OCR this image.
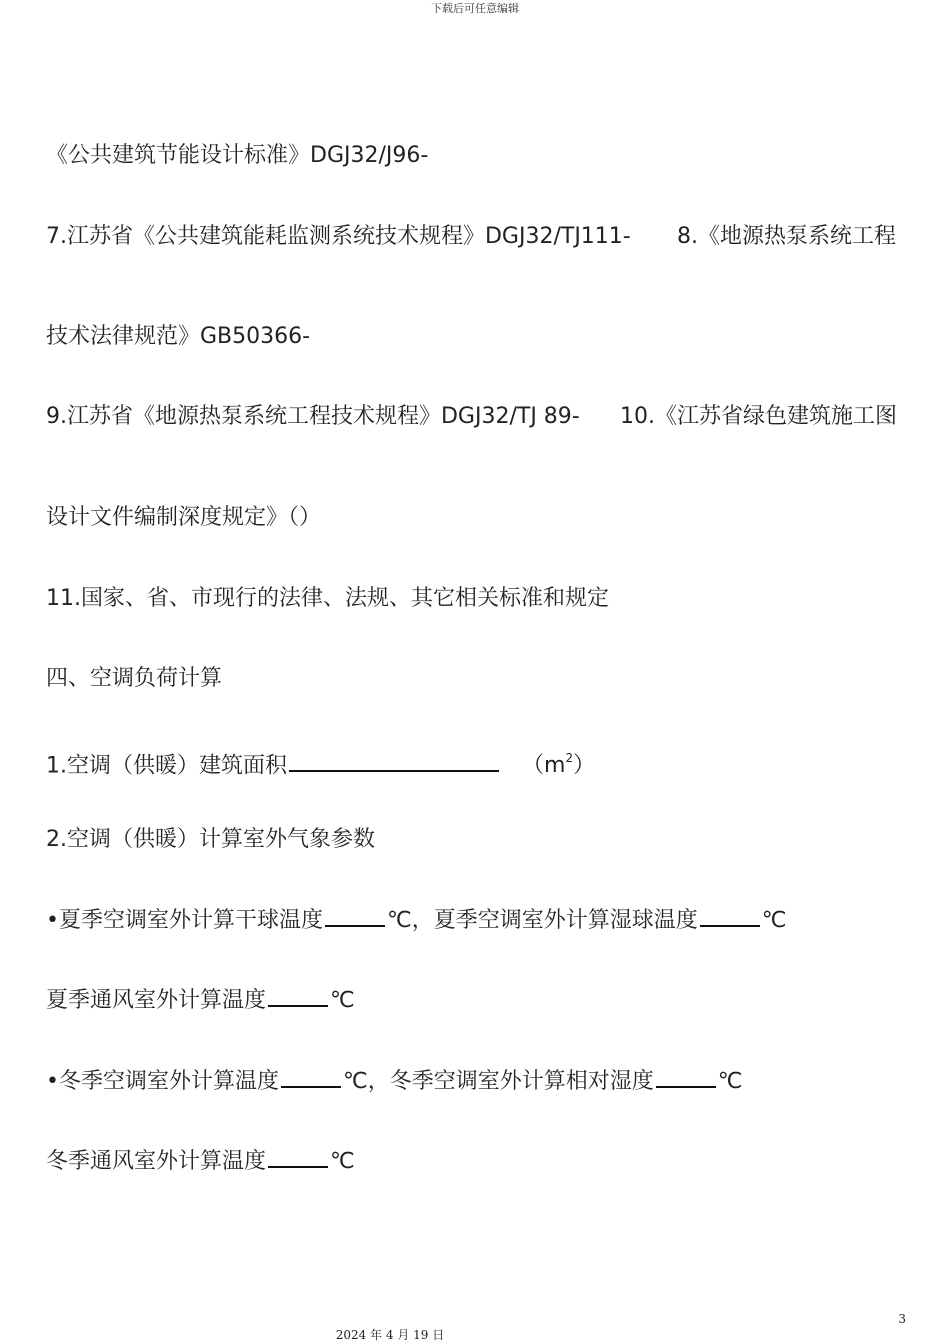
下载后可任意编辑
《公共建筑节能设计标准》DGJ32/J96-
7.江苏省《公共建筑能耗监测系统技术规程》DGJ32/TJ111- 8.《地源热泵系统工程
技术法律规范》GB50366-
9.江苏省《地源热泵系统工程技术规程》DGJ32/TJ 89- 10.《江苏省绿色建筑施工图
设计文件编制深度规定》（）
11.国家、省、市现行的法律、法规、其它相关标准和规定
四、空调负荷计算
1.空调（供暖）建筑面积	$(m^2)$
2.空调（供暖）计算室外气象参数
•夏季空调室外计算干球温度	℃，夏季空调室外计算湿球温度	℃
夏季通风室外计算温度	℃
•冬季空调室外计算温度	℃，冬季空调室外计算相对湿度	℃
冬季通风室外计算温度	℃
3
2024 年 4 月 19 日
